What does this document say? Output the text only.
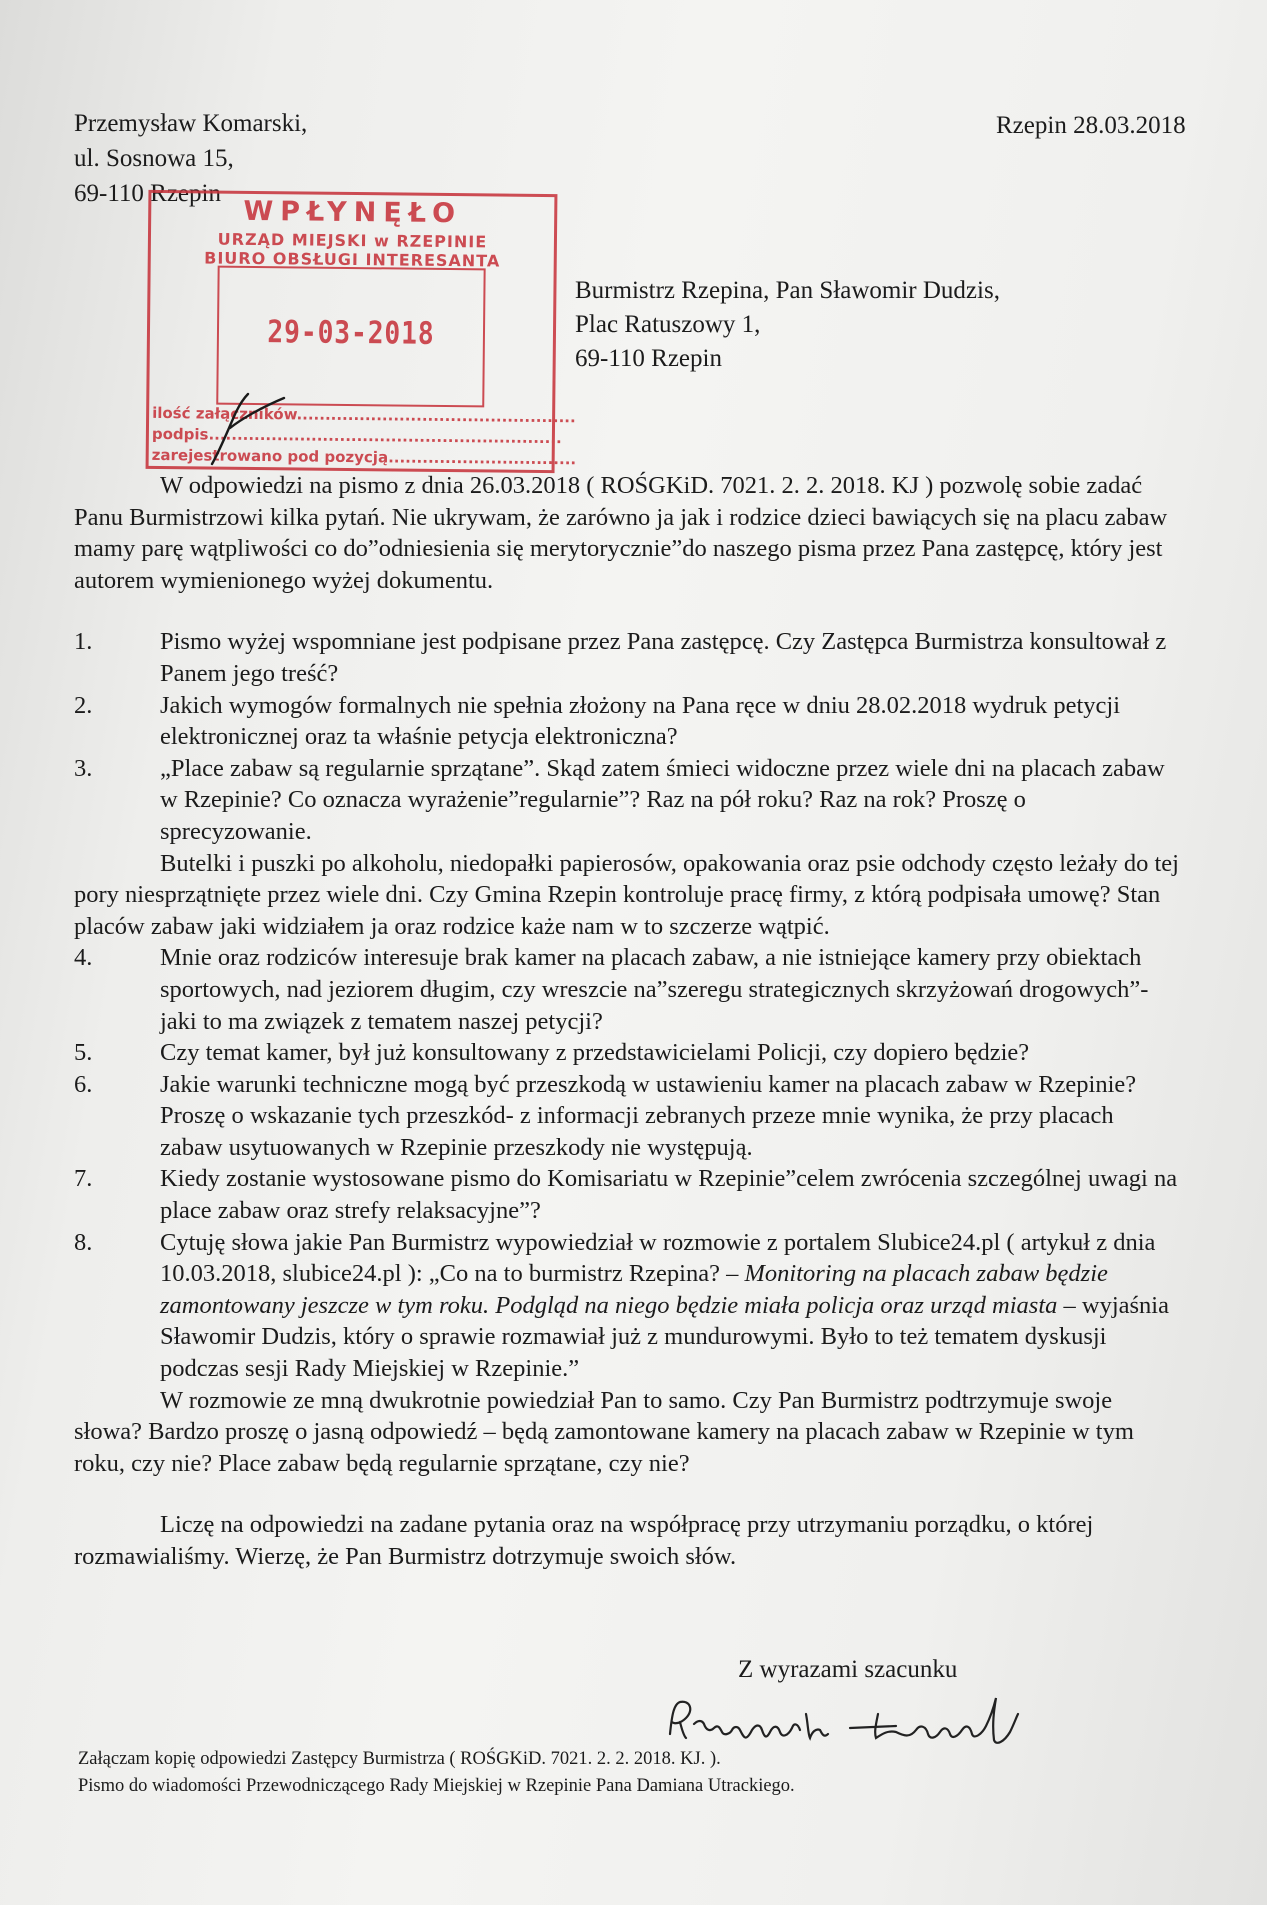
Przemysław Komarski,
ul. Sosnowa 15,
69-110 Rzepin
Rzepin 28.03.2018
Burmistrz Rzepina, Pan Sławomir Dudzis,
Plac Ratuszowy 1,
69-110 Rzepin

W odpowiedzi na pismo z dnia 26.03.2018 ( ROŚGKiD. 7021. 2. 2. 2018. KJ ) pozwolę sobie zadać Panu Burmistrzowi kilka pytań. Nie ukrywam, że zarówno ja jak i rodzice dzieci bawiących się na placu zabaw mamy parę wątpliwości co do”odniesienia się merytorycznie”do naszego pisma przez Pana zastępcę, który jest autorem wymienionego wyżej dokumentu.

1.	Pismo wyżej wspomniane jest podpisane przez Pana zastępcę. Czy Zastępca Burmistrza konsultował z Panem jego treść?
2.	Jakich wymogów formalnych nie spełnia złożony na Pana ręce w dniu 28.02.2018 wydruk petycji elektronicznej oraz ta właśnie petycja elektroniczna?
3.	„Place zabaw są regularnie sprzątane”. Skąd zatem śmieci widoczne przez wiele dni na placach zabaw w Rzepinie? Co oznacza wyrażenie”regularnie”? Raz na pół roku? Raz na rok? Proszę o sprecyzowanie.

Butelki i puszki po alkoholu, niedopałki papierosów, opakowania oraz psie odchody często leżały do tej pory niesprzątnięte przez wiele dni. Czy Gmina Rzepin kontroluje pracę firmy, z którą podpisała umowę? Stan placów zabaw jaki widziałem ja oraz rodzice każe nam w to szczerze wątpić.

4.	Mnie oraz rodziców interesuje brak kamer na placach zabaw, a nie istniejące kamery przy obiektach sportowych, nad jeziorem długim, czy wreszcie na”szeregu strategicznych skrzyżowań drogowych”- jaki to ma związek z tematem naszej petycji?
5.	Czy temat kamer, był już konsultowany z przedstawicielami Policji, czy dopiero będzie?
6.	Jakie warunki techniczne mogą być przeszkodą w ustawieniu kamer na placach zabaw w Rzepinie? Proszę o wskazanie tych przeszkód- z informacji zebranych przeze mnie wynika, że przy placach zabaw usytuowanych w Rzepinie przeszkody nie występują.
7.	Kiedy zostanie wystosowane pismo do Komisariatu w Rzepinie”celem zwrócenia szczególnej uwagi na place zabaw oraz strefy relaksacyjne”?
8.	Cytuję słowa jakie Pan Burmistrz wypowiedział w rozmowie z portalem Slubice24.pl ( artykuł z dnia 10.03.2018, slubice24.pl ): „Co na to burmistrz Rzepina? – Monitoring na placach zabaw będzie zamontowany jeszcze w tym roku. Podgląd na niego będzie miała policja oraz urząd miasta – wyjaśnia Sławomir Dudzis, który o sprawie rozmawiał już z mundurowymi. Było to też tematem dyskusji podczas sesji Rady Miejskiej w Rzepinie.”

W rozmowie ze mną dwukrotnie powiedział Pan to samo. Czy Pan Burmistrz podtrzymuje swoje słowa? Bardzo proszę o jasną odpowiedź – będą zamontowane kamery na placach zabaw w Rzepinie w tym roku, czy nie? Place zabaw będą regularnie sprzątane, czy nie?

Liczę na odpowiedzi na zadane pytania oraz na współpracę przy utrzymaniu porządku, o której rozmawialiśmy. Wierzę, że Pan Burmistrz dotrzymuje swoich słów.

Z wyrazami szacunku
Załączam kopię odpowiedzi Zastępcy Burmistrza ( ROŚGKiD. 7021. 2. 2. 2018. KJ. ).
Pismo do wiadomości Przewodniczącego Rady Miejskiej w Rzepinie Pana Damiana Utrackiego.
WPŁYNĘŁO
URZĄD MIEJSKI w RZEPINIE
BIURO OBSŁUGI INTERESANTA
29-03-2018
ilość załączników.................................................
podpis..............................................................
zarejestrowano pod pozycją.................................
